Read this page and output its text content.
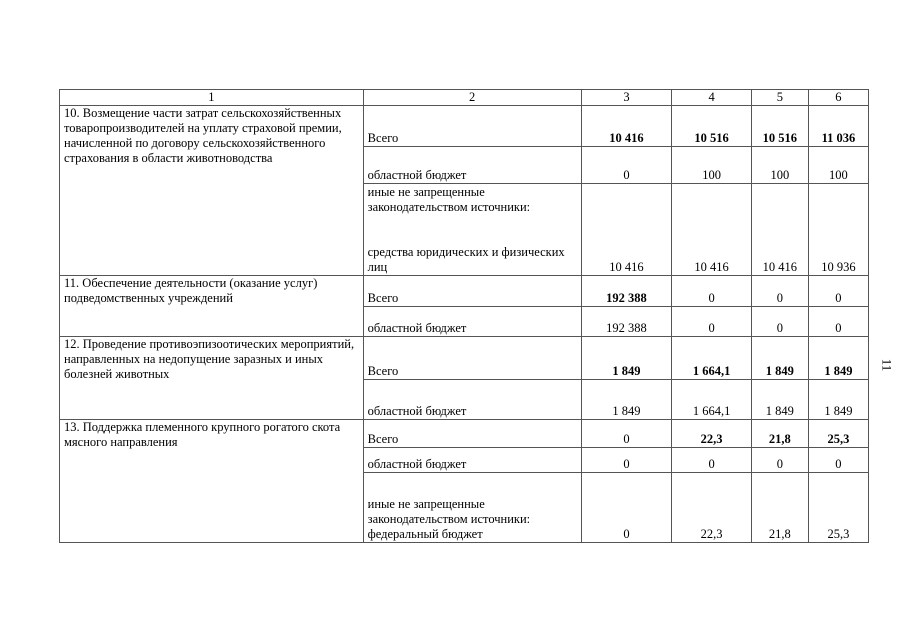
1	2	3	4	5	6
10. Возмещение части затрат сельскохозяйственных товаропроизводителей на уплату страховой премии, начисленной по договору сельскохозяйственного страхования в области животноводства	Всего	10 416	10 516	10 516	11 036
	областной бюджет	0	100	100	100

	иные не запрещенные законодательством источники:
средства юридических и физических лиц	10 416	10 416	10 416	10 936
11. Обеспечение деятельности (оказание услуг) подведомственных учреждений	Всего	192 388	0	0	0
	областной бюджет	192 388	0	0	0
12. Проведение противоэпизоотических мероприятий, направленных на недопущение заразных и иных болезней животных	Всего	1 849	1 664,1	1 849	1 849
	областной бюджет	1 849	1 664,1	1 849	1 849
13. Поддержка племенного крупного рогатого скота мясного направления	Всего	0	22,3	21,8	25,3
	областной бюджет	0	0	0	0
	иные не запрещенные законодательством источники: федеральный бюджет	0	22,3	21,8	25,3
11
